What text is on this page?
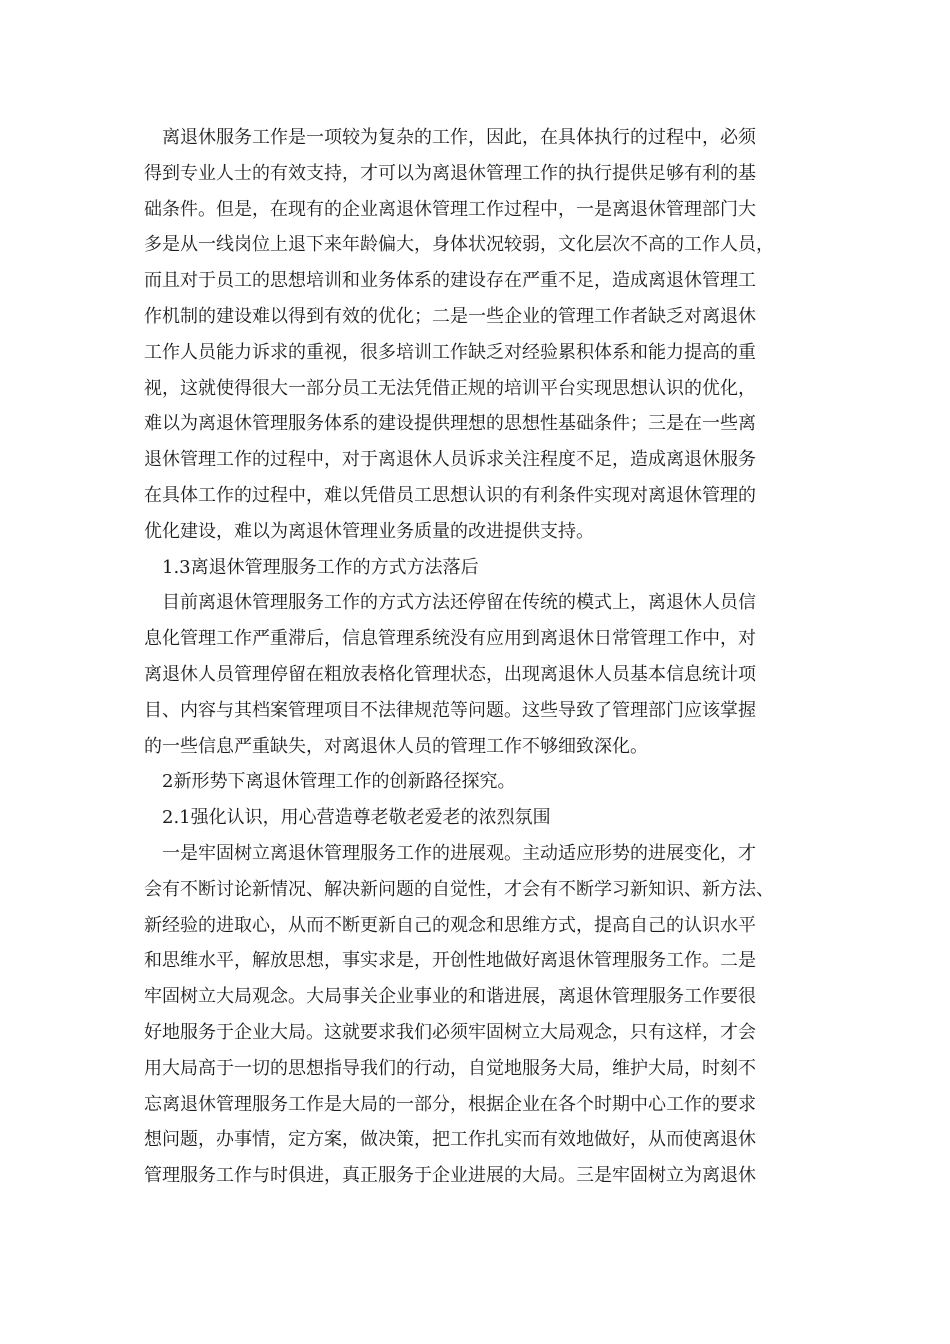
离退休服务工作是一项较为复杂的工作，因此，在具体执行的过程中，必须
得到专业人士的有效支持，才可以为离退休管理工作的执行提供足够有利的基
础条件。但是，在现有的企业离退休管理工作过程中，一是离退休管理部门大
多是从一线岗位上退下来年龄偏大，身体状况较弱，文化层次不高的工作人员，
而且对于员工的思想培训和业务体系的建设存在严重不足，造成离退休管理工
作机制的建设难以得到有效的优化；二是一些企业的管理工作者缺乏对离退休
工作人员能力诉求的重视，很多培训工作缺乏对经验累积体系和能力提高的重
视，这就使得很大一部分员工无法凭借正规的培训平台实现思想认识的优化，
难以为离退休管理服务体系的建设提供理想的思想性基础条件；三是在一些离
退休管理工作的过程中，对于离退休人员诉求关注程度不足，造成离退休服务
在具体工作的过程中，难以凭借员工思想认识的有利条件实现对离退休管理的
优化建设，难以为离退休管理业务质量的改进提供支持。
1.3离退休管理服务工作的方式方法落后
目前离退休管理服务工作的方式方法还停留在传统的模式上，离退休人员信
息化管理工作严重滞后，信息管理系统没有应用到离退休日常管理工作中，对
离退休人员管理停留在粗放表格化管理状态，出现离退休人员基本信息统计项
目、内容与其档案管理项目不法律规范等问题。这些导致了管理部门应该掌握
的一些信息严重缺失，对离退休人员的管理工作不够细致深化。
2新形势下离退休管理工作的创新路径探究。
2.1强化认识，用心营造尊老敬老爱老的浓烈氛围
一是牢固树立离退休管理服务工作的进展观。主动适应形势的进展变化，才
会有不断讨论新情况、解决新问题的自觉性，才会有不断学习新知识、新方法、
新经验的进取心，从而不断更新自己的观念和思维方式，提高自己的认识水平
和思维水平，解放思想，事实求是，开创性地做好离退休管理服务工作。二是
牢固树立大局观念。大局事关企业事业的和谐进展，离退休管理服务工作要很
好地服务于企业大局。这就要求我们必须牢固树立大局观念，只有这样，才会
用大局高于一切的思想指导我们的行动，自觉地服务大局，维护大局，时刻不
忘离退休管理服务工作是大局的一部分，根据企业在各个时期中心工作的要求
想问题，办事情，定方案，做决策，把工作扎实而有效地做好，从而使离退休
管理服务工作与时俱进，真正服务于企业进展的大局。三是牢固树立为离退休
